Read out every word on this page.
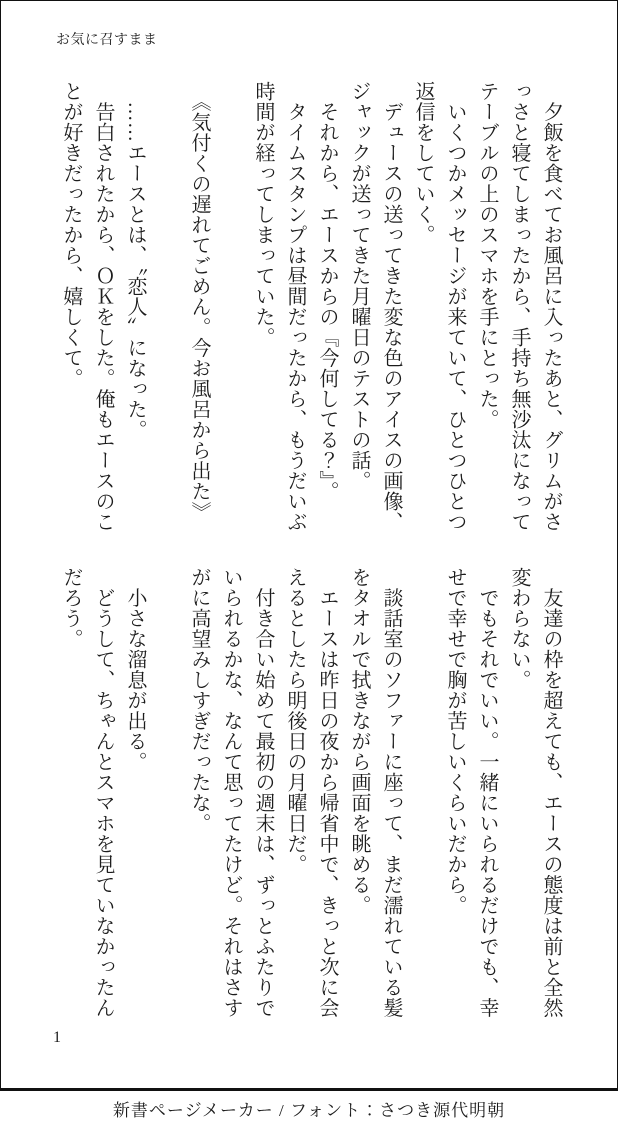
お気に召すまま
　夕飯を食べてお風呂に入ったあと、グリムがさ
っさと寝てしまったから、手持ち無沙汰になって
テーブルの上のスマホを手にとった。
　いくつかメッセージが来ていて、ひとつひとつ
返信をしていく。
　デュースの送ってきた変な色のアイスの画像、
ジャックが送ってきた月曜日のテストの話。
　それから、エースからの『今何してる？』。
　タイムスタンプは昼間だったから、もうだいぶ
時間が経ってしまっていた。

　《気付くの遅れてごめん。今お風呂から出た》

　……エースとは、〝恋人〟になった。
　告白されたから、ＯＫをした。俺もエースのこ
とが好きだったから、嬉しくて。
　友達の枠を超えても、エースの態度は前と全然
変わらない。
　でもそれでいい。一緒にいられるだけでも、幸
せで幸せで胸が苦しいくらいだから。

　談話室のソファーに座って、まだ濡れている髪
をタオルで拭きながら画面を眺める。
　エースは昨日の夜から帰省中で、きっと次に会
えるとしたら明後日の月曜日だ。
　付き合い始めて最初の週末は、ずっとふたりで
いられるかな、なんて思ってたけど。それはさす
がに高望みしすぎだったな。

　小さな溜息が出る。
　どうして、ちゃんとスマホを見ていなかったん
だろう。
1
新書ページメーカー / フォント：さつき源代明朝
